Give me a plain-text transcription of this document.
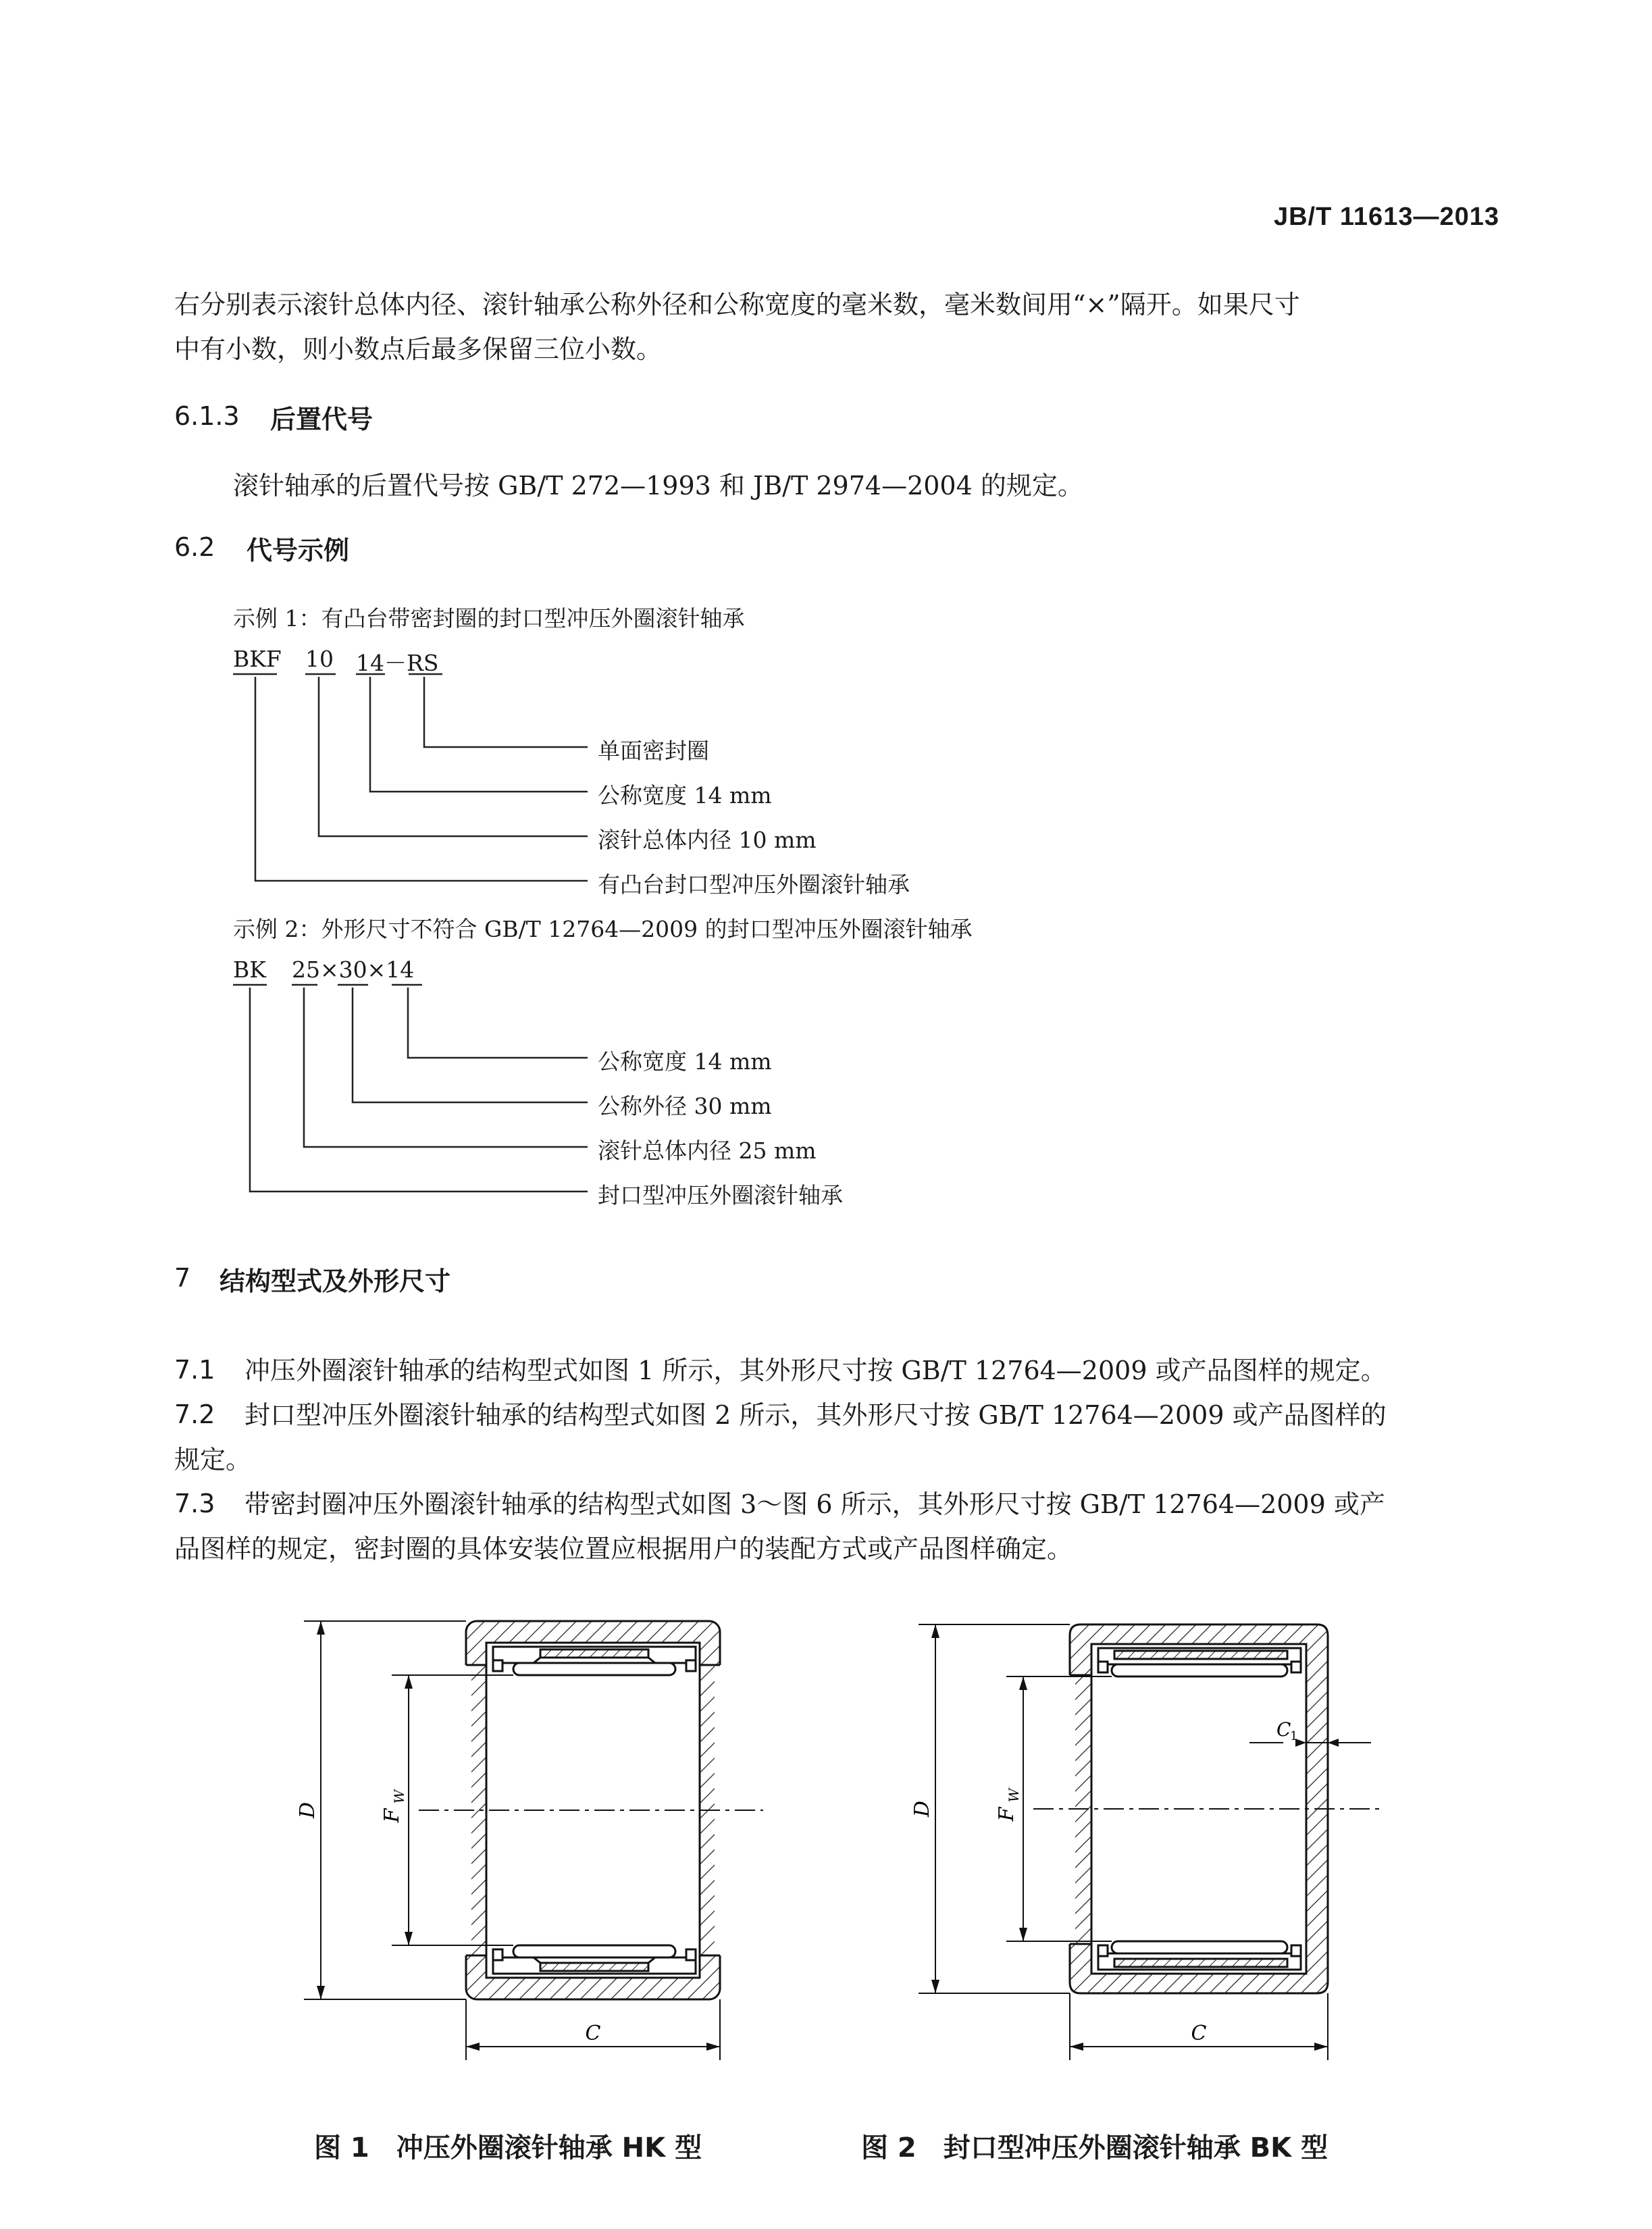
JB/T 11613—2013
右分别表示滚针总体内径、滚针轴承公称外径和公称宽度的毫米数，毫米数间用“×”隔开。如果尺寸
中有小数，则小数点后最多保留三位小数。
6.1.3 后置代号
滚针轴承的后置代号按 GB/T 272—1993 和 JB/T 2974—2004 的规定。
6.2 代号示例
示例 1：有凸台带密封圈的封口型冲压外圈滚针轴承
BKF 10 14－RS
单面密封圈
公称宽度 14 mm
滚针总体内径 10 mm
有凸台封口型冲压外圈滚针轴承
示例 2：外形尺寸不符合 GB/T 12764—2009 的封口型冲压外圈滚针轴承
BK 25×30×14
公称宽度 14 mm
公称外径 30 mm
滚针总体内径 25 mm
封口型冲压外圈滚针轴承
7 结构型式及外形尺寸
7.1 冲压外圈滚针轴承的结构型式如图 1 所示，其外形尺寸按 GB/T 12764—2009 或产品图样的规定。
7.2 封口型冲压外圈滚针轴承的结构型式如图 2 所示，其外形尺寸按 GB/T 12764—2009 或产品图样的
规定。
7.3 带密封圈冲压外圈滚针轴承的结构型式如图 3～图 6 所示，其外形尺寸按 GB/T 12764—2009 或产
品图样的规定，密封圈的具体安装位置应根据用户的装配方式或产品图样确定。
D	F
W
C
D	F
W
C
1
C
图 1　冲压外圈滚针轴承 HK 型	图 2　封口型冲压外圈滚针轴承 BK 型
